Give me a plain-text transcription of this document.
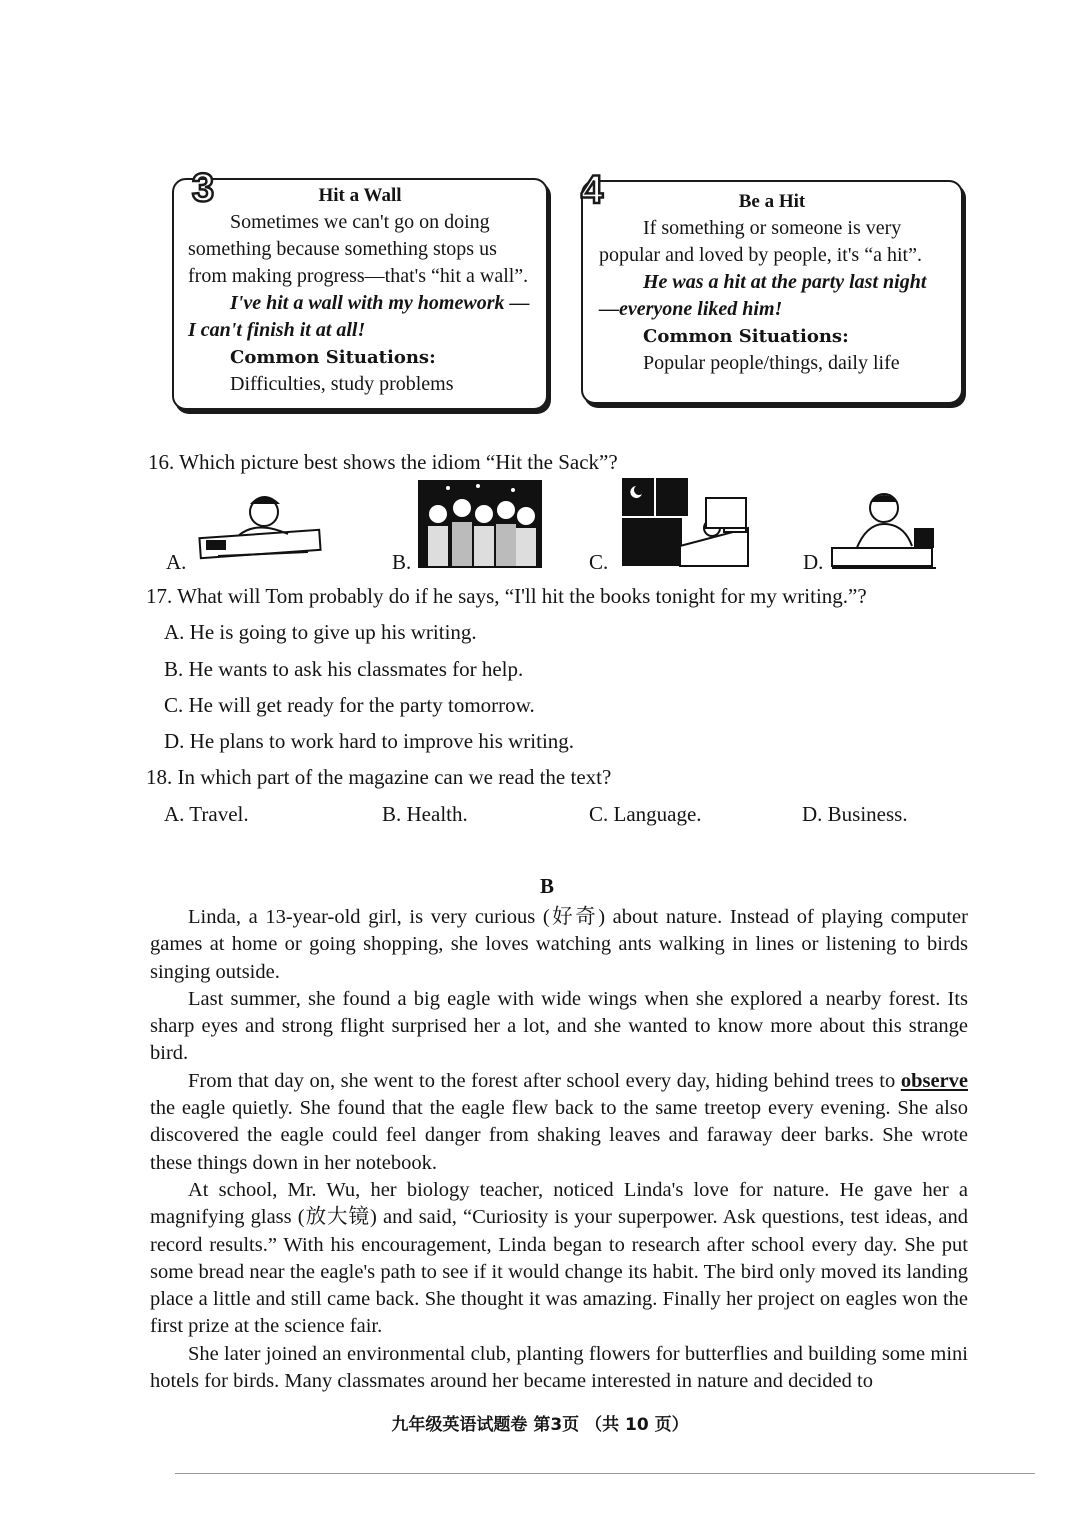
3	Hit a Wall

Sometimes we can't go on doing

something because something stops us

from making progress—that's “hit a wall”.

I've hit a wall with my homework —

I can't finish it at all!

Common Situations:

Difficulties, study problems

4	Be a Hit

If something or someone is very

popular and loved by people, it's “a hit”.

He was a hit at the party last night

—everyone liked him!

Common Situations:

Popular people/things, daily life

16. Which picture best shows the idiom “Hit the Sack”?
A.	B.	C.	D.
17. What will Tom probably do if he says, “I'll hit the books tonight for my writing.”?
A. He is going to give up his writing.
B. He wants to ask his classmates for help.
C. He will get ready for the party tomorrow.
D. He plans to work hard to improve his writing.
18. In which part of the magazine can we read the text?
A. Travel.	B. Health.	C. Language.	D. Business.
B

Linda, a 13-year-old girl, is very curious (好奇) about nature. Instead of playing computer games at home or going shopping, she loves watching ants walking in lines or listening to birds singing outside.

Last summer, she found a big eagle with wide wings when she explored a nearby forest. Its sharp eyes and strong flight surprised her a lot, and she wanted to know more about this strange bird.

From that day on, she went to the forest after school every day, hiding behind trees to observe the eagle quietly. She found that the eagle flew back to the same treetop every evening. She also discovered the eagle could feel danger from shaking leaves and faraway deer barks. She wrote these things down in her notebook.

At school, Mr. Wu, her biology teacher, noticed Linda's love for nature. He gave her a magnifying glass (放大镜) and said, “Curiosity is your superpower. Ask questions, test ideas, and record results.” With his encouragement, Linda began to research after school every day. She put some bread near the eagle's path to see if it would change its habit. The bird only moved its landing place a little and still came back. She thought it was amazing. Finally her project on eagles won the first prize at the science fair.

She later joined an environmental club, planting flowers for butterflies and building some mini hotels for birds. Many classmates around her became interested in nature and decided to

九年级英语试题卷 第3页 （共 10 页）
